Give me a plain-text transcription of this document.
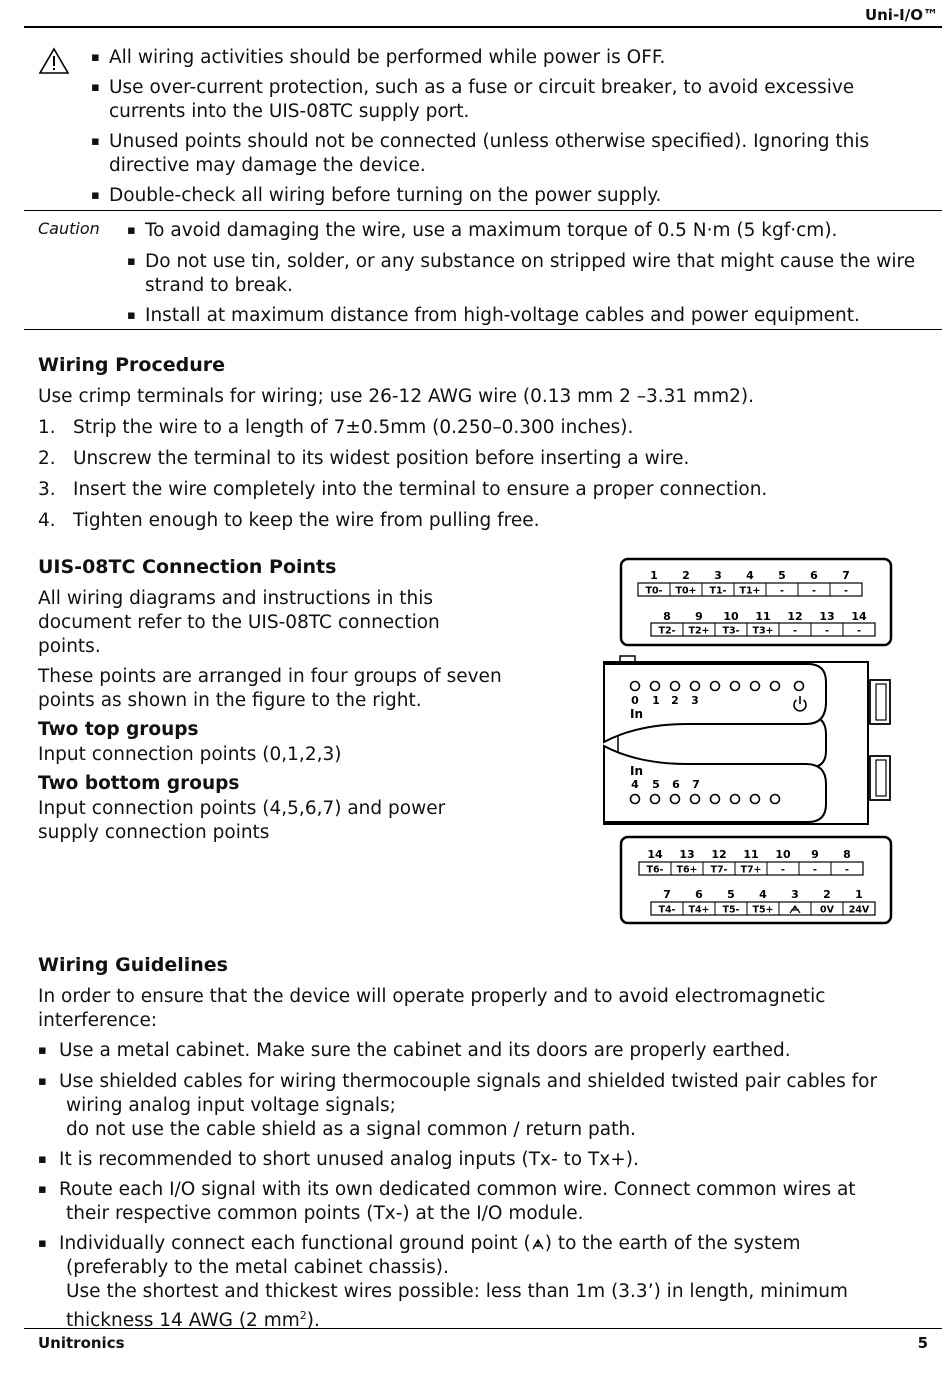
Uni-I/O™
▪ All wiring activities should be performed while power is OFF.
▪ Use over-current protection, such as a fuse or circuit breaker, to avoid excessive currents into the UIS-08TC supply port.
▪ Unused points should not be connected (unless otherwise specified). Ignoring this directive may damage the device.
▪ Double-check all wiring before turning on the power supply.
Caution ▪ To avoid damaging the wire, use a maximum torque of 0.5 N·m (5 kgf·cm).
▪ Do not use tin, solder, or any substance on stripped wire that might cause the wire strand to break.
▪ Install at maximum distance from high-voltage cables and power equipment.
Wiring Procedure
Use crimp terminals for wiring; use 26-12 AWG wire (0.13 mm 2 –3.31 mm2).
1. Strip the wire to a length of 7±0.5mm (0.250–0.300 inches).
2. Unscrew the terminal to its widest position before inserting a wire.
3. Insert the wire completely into the terminal to ensure a proper connection.
4. Tighten enough to keep the wire from pulling free.
UIS-08TC Connection Points
All wiring diagrams and instructions in this document refer to the UIS-08TC connection points.
These points are arranged in four groups of seven points as shown in the figure to the right.
Two top groups
Input connection points (0,1,2,3)
Two bottom groups
Input connection points (4,5,6,7) and power supply connection points
1 2 3 4 5 6 7
T0- T0+ T1- T1+ -	-	-
8 9 10 11 12 13 14
T2- T2+ T3- T3+ -	-	-
0 1 2 3
In
In
4 5 6 7
14 13 12 11 10 9 8
T6- T6+ T7- T7+ -	-	-
7 6 5 4 3 2 1
T4- T4+ T5- T5+	0V 24V
Wiring Guidelines
In order to ensure that the device will operate properly and to avoid electromagnetic interference:
▪ Use a metal cabinet. Make sure the cabinet and its doors are properly earthed.
▪ Use shielded cables for wiring thermocouple signals and shielded twisted pair cables for
wiring analog input voltage signals;
do not use the cable shield as a signal common / return path.
▪ It is recommended to short unused analog inputs (Tx- to Tx+).
▪ Route each I/O signal with its own dedicated common wire. Connect common wires at
their respective common points (Tx-) at the I/O module.
▪ Individually connect each functional ground point ( ) to the earth of the system
(preferably to the metal cabinet chassis).
Use the shortest and thickest wires possible: less than 1m (3.3’) in length, minimum
thickness 14 AWG (2 $mm^2$).
Unitronics	5
